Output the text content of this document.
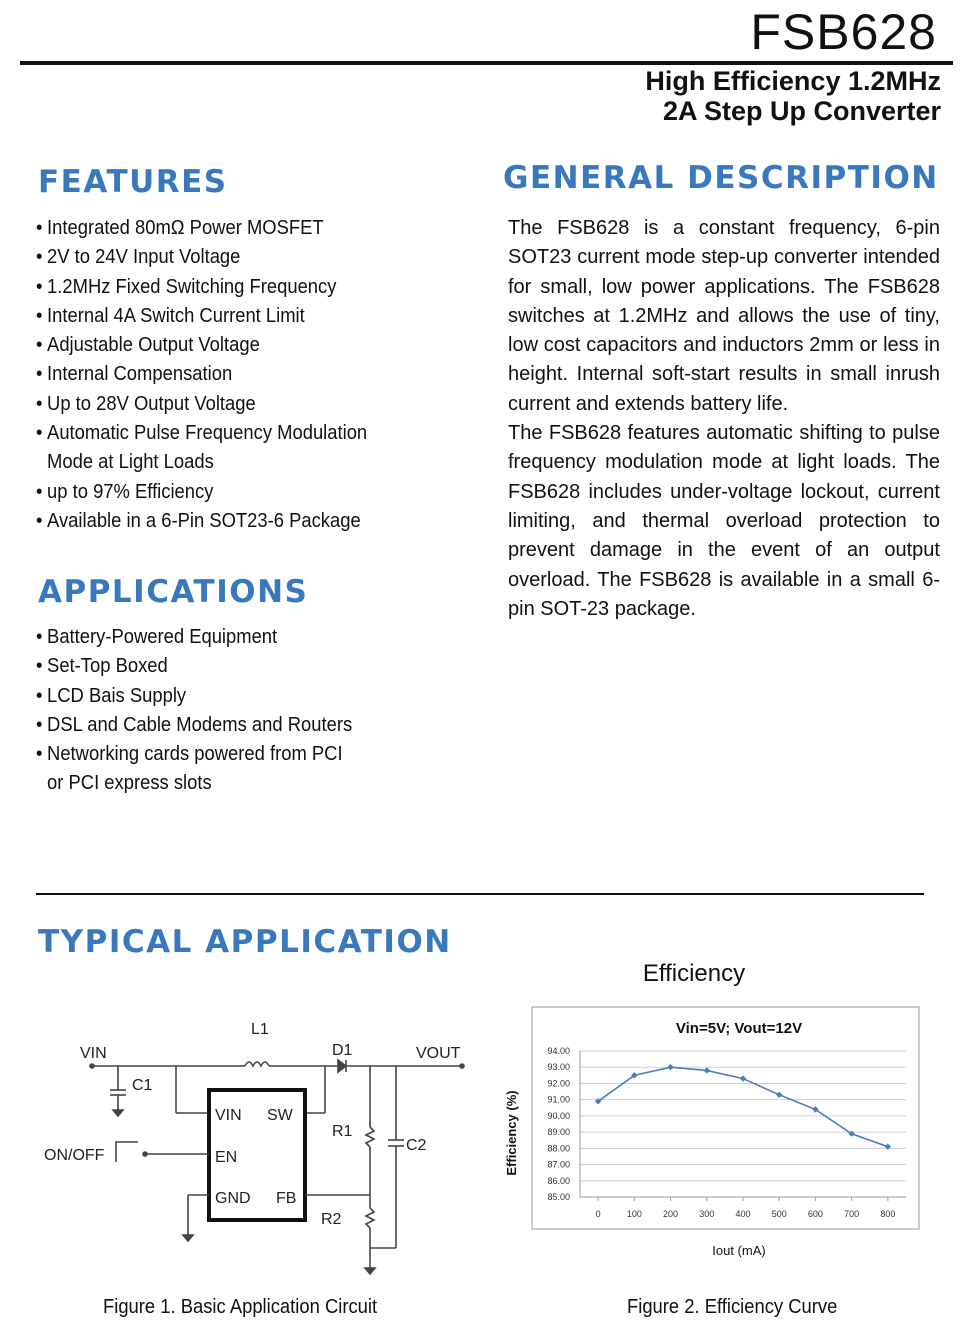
FSB628
High Efficiency 1.2MHz
2A Step Up Converter
FEATURES
• Integrated 80mΩ Power MOSFET
• 2V to 24V Input Voltage
• 1.2MHz Fixed Switching Frequency
• Internal 4A Switch Current Limit
• Adjustable Output Voltage
• Internal Compensation
• Up to 28V Output Voltage
• Automatic Pulse Frequency Modulation
Mode at Light Loads
• up to 97% Efficiency
• Available in a 6-Pin SOT23-6 Package
APPLICATIONS
• Battery-Powered Equipment
• Set-Top Boxed
• LCD Bais Supply
• DSL and Cable Modems and Routers
• Networking cards powered from PCI
or PCI express slots
GENERAL DESCRIPTION

The FSB628 is a constant frequency, 6-pin SOT23 current mode step-up converter intended for small, low power applications. The FSB628 switches at 1.2MHz and allows the use of tiny, low cost capacitors and inductors 2mm or less in height. Internal soft-start results in small inrush current and extends battery life.

The FSB628 features automatic shifting to pulse frequency modulation mode at light loads. The FSB628 includes under-voltage lockout, current limiting, and thermal overload protection to prevent damage in the event of an output overload. The FSB628 is available in a small 6-pin SOT-23 package.

TYPICAL APPLICATION
L1
D1
VIN	VOUT
C1
ON/OFF
R1
C2
R2
VIN SW
EN
GND FB
Efficiency
Vin=5V; Vout=12V
85.00
86.00
87.00
88.00
89.00
90.00
91.00
92.00
93.00
94.00
0	100 200 300 400 500 600 700 800
Iout (mA)
Efficiency (%)
Figure 1. Basic Application Circuit	Figure 2. Efficiency Curve
